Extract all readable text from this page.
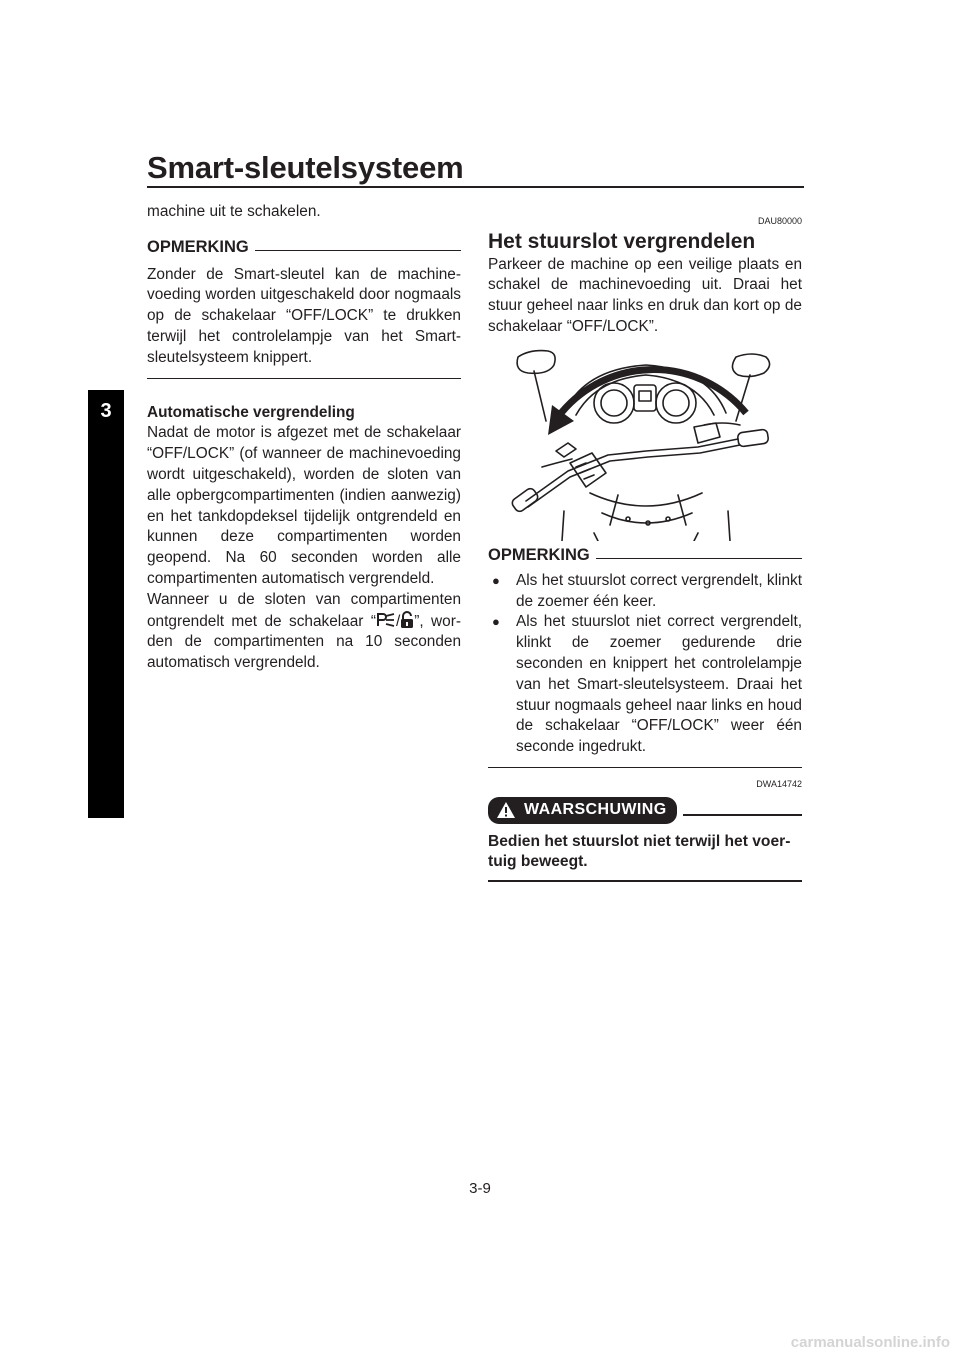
Smart-sleutelsysteem
3
machine uit te schakelen.
OPMERKING
Zonder de Smart-sleutel kan de machinevoeding worden uitgeschakeld door nogmaals op de schakelaar “OFF/LOCK” te drukken terwijl het controlelampje van het Smart-sleutelsysteem knippert.
Automatische vergrendeling
Nadat de motor is afgezet met de schakelaar “OFF/LOCK” (of wanneer de machinevoeding wordt uitgeschakeld), worden de sloten van alle opbergcompartimenten (indien aanwezig) en het tankdopdeksel tijdelijk ontgrendeld en kunnen deze compartimenten worden geopend. Na 60 seconden worden alle compartimenten automatisch vergrendeld.
Wanneer u de sloten van compartimenten ontgrendelt met de schakelaar “ / ”, worden de compartimenten na 10 seconden automatisch vergrendeld.
DAU80000
Het stuurslot vergrendelen
Parkeer de machine op een veilige plaats en schakel de machinevoeding uit. Draai het stuur geheel naar links en druk dan kort op de schakelaar “OFF/LOCK”.
OPMERKING
● Als het stuurslot correct vergrendelt, klinkt de zoemer één keer.
● Als het stuurslot niet correct vergrendelt, klinkt de zoemer gedurende drie seconden en knippert het controlelampje van het Smart-sleutelsysteem. Draai het stuur nogmaals geheel naar links en houd de schakelaar “OFF/LOCK” weer één seconde ingedrukt.
DWA14742
WAARSCHUWING
Bedien het stuurslot niet terwijl het voertuig beweegt.
3-9
carmanualsonline.info
